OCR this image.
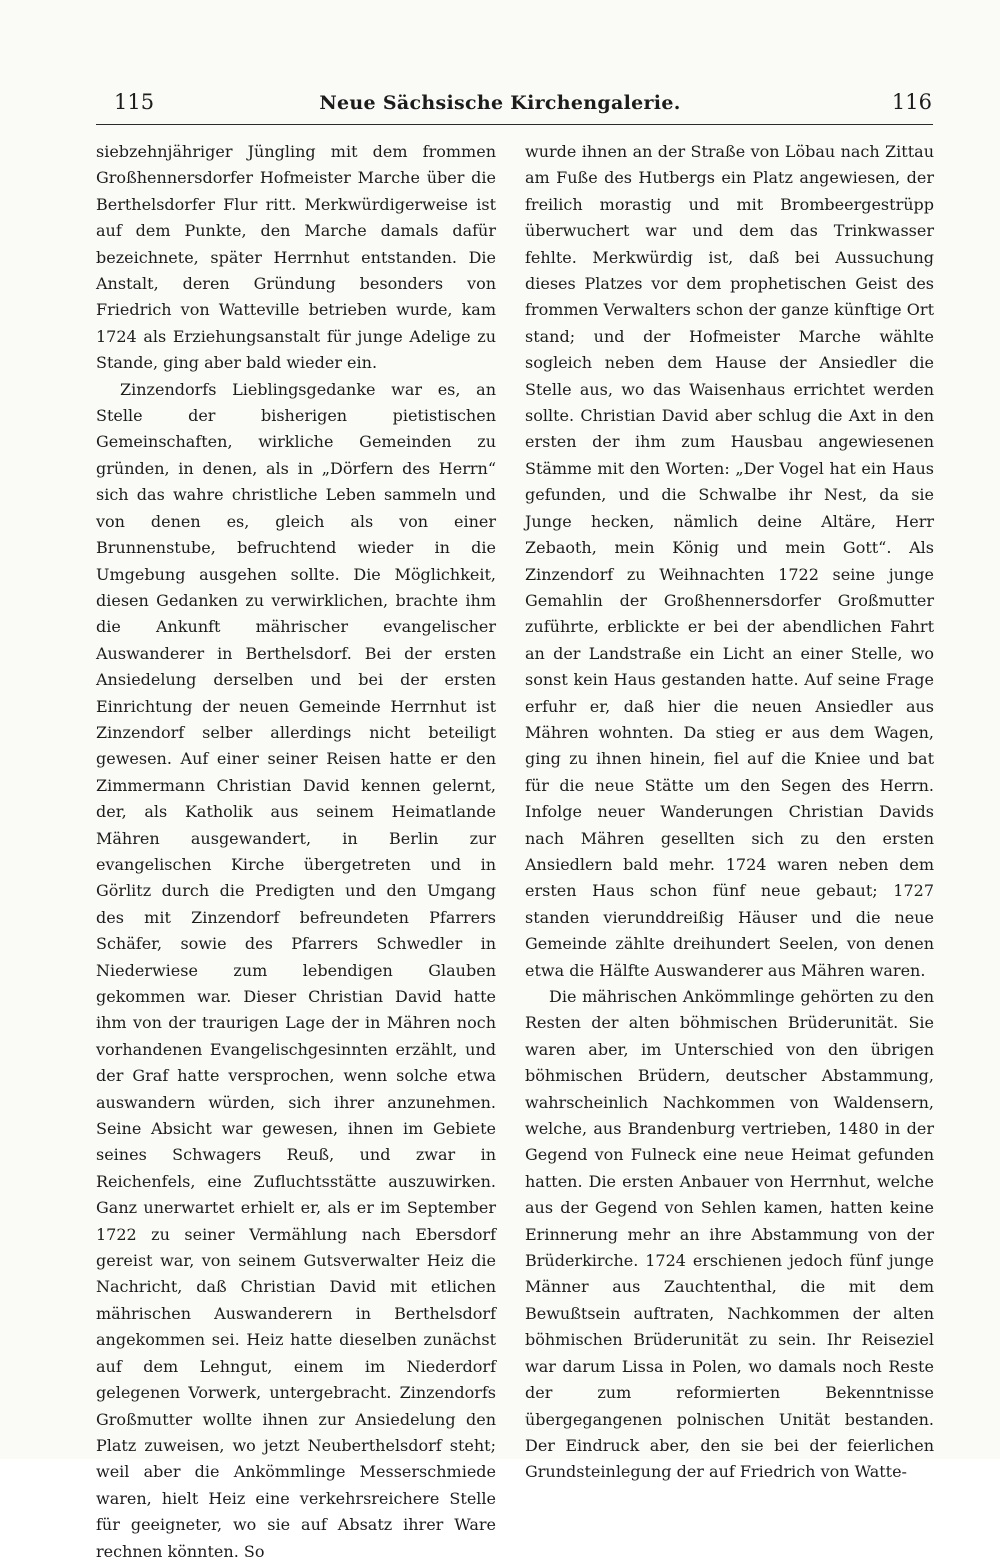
115	Neue Sächsische Kirchengalerie.	116

siebzehnjähriger Jüngling mit dem frommen Großhennersdorfer Hofmeister Marche über die Berthelsdorfer Flur ritt. Merkwürdigerweise ist auf dem Punkte, den Marche damals dafür bezeichnete, später Herrnhut entstanden. Die Anstalt, deren Gründung besonders von Friedrich von Watteville betrieben wurde, kam 1724 als Erziehungsanstalt für junge Adelige zu Stande, ging aber bald wieder ein.

Zinzendorfs Lieblingsgedanke war es, an Stelle der bisherigen pietistischen Gemeinschaften, wirkliche Gemeinden zu gründen, in denen, als in „Dörfern des Herrn“ sich das wahre christliche Leben sammeln und von denen es, gleich als von einer Brunnenstube, befruchtend wieder in die Umgebung ausgehen sollte. Die Möglichkeit, diesen Gedanken zu verwirklichen, brachte ihm die Ankunft mährischer evangelischer Auswanderer in Berthelsdorf. Bei der ersten Ansiedelung derselben und bei der ersten Einrichtung der neuen Gemeinde Herrnhut ist Zinzendorf selber allerdings nicht beteiligt gewesen. Auf einer seiner Reisen hatte er den Zimmermann Christian David kennen gelernt, der, als Katholik aus seinem Heimatlande Mähren ausgewandert, in Berlin zur evangelischen Kirche übergetreten und in Görlitz durch die Predigten und den Umgang des mit Zinzendorf befreundeten Pfarrers Schäfer, sowie des Pfarrers Schwedler in Niederwiese zum lebendigen Glauben gekommen war. Dieser Christian David hatte ihm von der traurigen Lage der in Mähren noch vorhandenen Evangelischgesinnten erzählt, und der Graf hatte versprochen, wenn solche etwa auswandern würden, sich ihrer anzunehmen. Seine Absicht war gewesen, ihnen im Gebiete seines Schwagers Reuß, und zwar in Reichenfels, eine Zufluchtsstätte auszuwirken. Ganz unerwartet erhielt er, als er im September 1722 zu seiner Vermählung nach Ebersdorf gereist war, von seinem Gutsverwalter Heiz die Nachricht, daß Christian David mit etlichen mährischen Auswanderern in Berthelsdorf angekommen sei. Heiz hatte dieselben zunächst auf dem Lehngut, einem im Niederdorf gelegenen Vorwerk, untergebracht. Zinzendorfs Großmutter wollte ihnen zur Ansiedelung den Platz zuweisen, wo jetzt Neuberthelsdorf steht; weil aber die Ankömmlinge Messerschmiede waren, hielt Heiz eine verkehrsreichere Stelle für geeigneter, wo sie auf Absatz ihrer Ware rechnen könnten. So

wurde ihnen an der Straße von Löbau nach Zittau am Fuße des Hutbergs ein Platz angewiesen, der freilich morastig und mit Brombeergestrüpp überwuchert war und dem das Trinkwasser fehlte. Merkwürdig ist, daß bei Aussuchung dieses Platzes vor dem prophetischen Geist des frommen Verwalters schon der ganze künftige Ort stand; und der Hofmeister Marche wählte sogleich neben dem Hause der Ansiedler die Stelle aus, wo das Waisenhaus errichtet werden sollte. Christian David aber schlug die Axt in den ersten der ihm zum Hausbau angewiesenen Stämme mit den Worten: „Der Vogel hat ein Haus gefunden, und die Schwalbe ihr Nest, da sie Junge hecken, nämlich deine Altäre, Herr Zebaoth, mein König und mein Gott“. Als Zinzendorf zu Weihnachten 1722 seine junge Gemahlin der Großhennersdorfer Großmutter zuführte, erblickte er bei der abendlichen Fahrt an der Landstraße ein Licht an einer Stelle, wo sonst kein Haus gestanden hatte. Auf seine Frage erfuhr er, daß hier die neuen Ansiedler aus Mähren wohnten. Da stieg er aus dem Wagen, ging zu ihnen hinein, fiel auf die Kniee und bat für die neue Stätte um den Segen des Herrn. Infolge neuer Wanderungen Christian Davids nach Mähren gesellten sich zu den ersten Ansiedlern bald mehr. 1724 waren neben dem ersten Haus schon fünf neue gebaut; 1727 standen vierunddreißig Häuser und die neue Gemeinde zählte dreihundert Seelen, von denen etwa die Hälfte Auswanderer aus Mähren waren.

Die mährischen Ankömmlinge gehörten zu den Resten der alten böhmischen Brüderunität. Sie waren aber, im Unterschied von den übrigen böhmischen Brüdern, deutscher Abstammung, wahrscheinlich Nachkommen von Waldensern, welche, aus Brandenburg vertrieben, 1480 in der Gegend von Fulneck eine neue Heimat gefunden hatten. Die ersten Anbauer von Herrnhut, welche aus der Gegend von Sehlen kamen, hatten keine Erinnerung mehr an ihre Abstammung von der Brüderkirche. 1724 erschienen jedoch fünf junge Männer aus Zauchtenthal, die mit dem Bewußtsein auftraten, Nachkommen der alten böhmischen Brüderunität zu sein. Ihr Reiseziel war darum Lissa in Polen, wo damals noch Reste der zum reformierten Bekenntnisse übergegangenen polnischen Unität bestanden. Der Eindruck aber, den sie bei der feierlichen Grundsteinlegung der auf Friedrich von Watte-
